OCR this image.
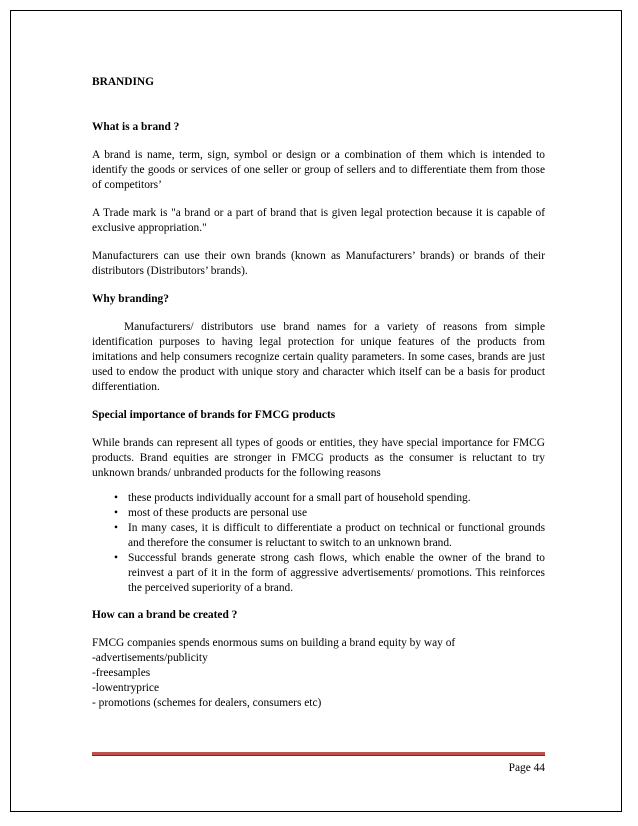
BRANDING

What is a brand ?

A brand is name, term, sign, symbol or design or a combination of them which is intended to identify the goods or services of one seller or group of sellers and to differentiate them from those of competitors’

A Trade mark is "a brand or a part of brand that is given legal protection because it is capable of exclusive appropriation."

Manufacturers can use their own brands (known as Manufacturers’ brands) or brands of their distributors (Distributors’ brands).

Why branding?

Manufacturers/ distributors use brand names for a variety of reasons from simple identification purposes to having legal protection for unique features of the products from imitations and help consumers recognize certain quality parameters. In some cases, brands are just used to endow the product with unique story and character which itself can be a basis for product differentiation.

Special importance of brands for FMCG products

While brands can represent all types of goods or entities, they have special importance for FMCG products. Brand equities are stronger in FMCG products as the consumer is reluctant to try unknown brands/ unbranded products for the following reasons

• these products individually account for a small part of household spending.
• most of these products are personal use
• In many cases, it is difficult to differentiate a product on technical or functional grounds and therefore the consumer is reluctant to switch to an unknown brand.
• Successful brands generate strong cash flows, which enable the owner of the brand to reinvest a part of it in the form of aggressive advertisements/ promotions. This reinforces the perceived superiority of a brand.

How can a brand be created ?

FMCG companies spends enormous sums on building a brand equity by way of

-advertisements/publicity

-freesamples

-lowentryprice

- promotions (schemes for dealers, consumers etc)

Page 44
